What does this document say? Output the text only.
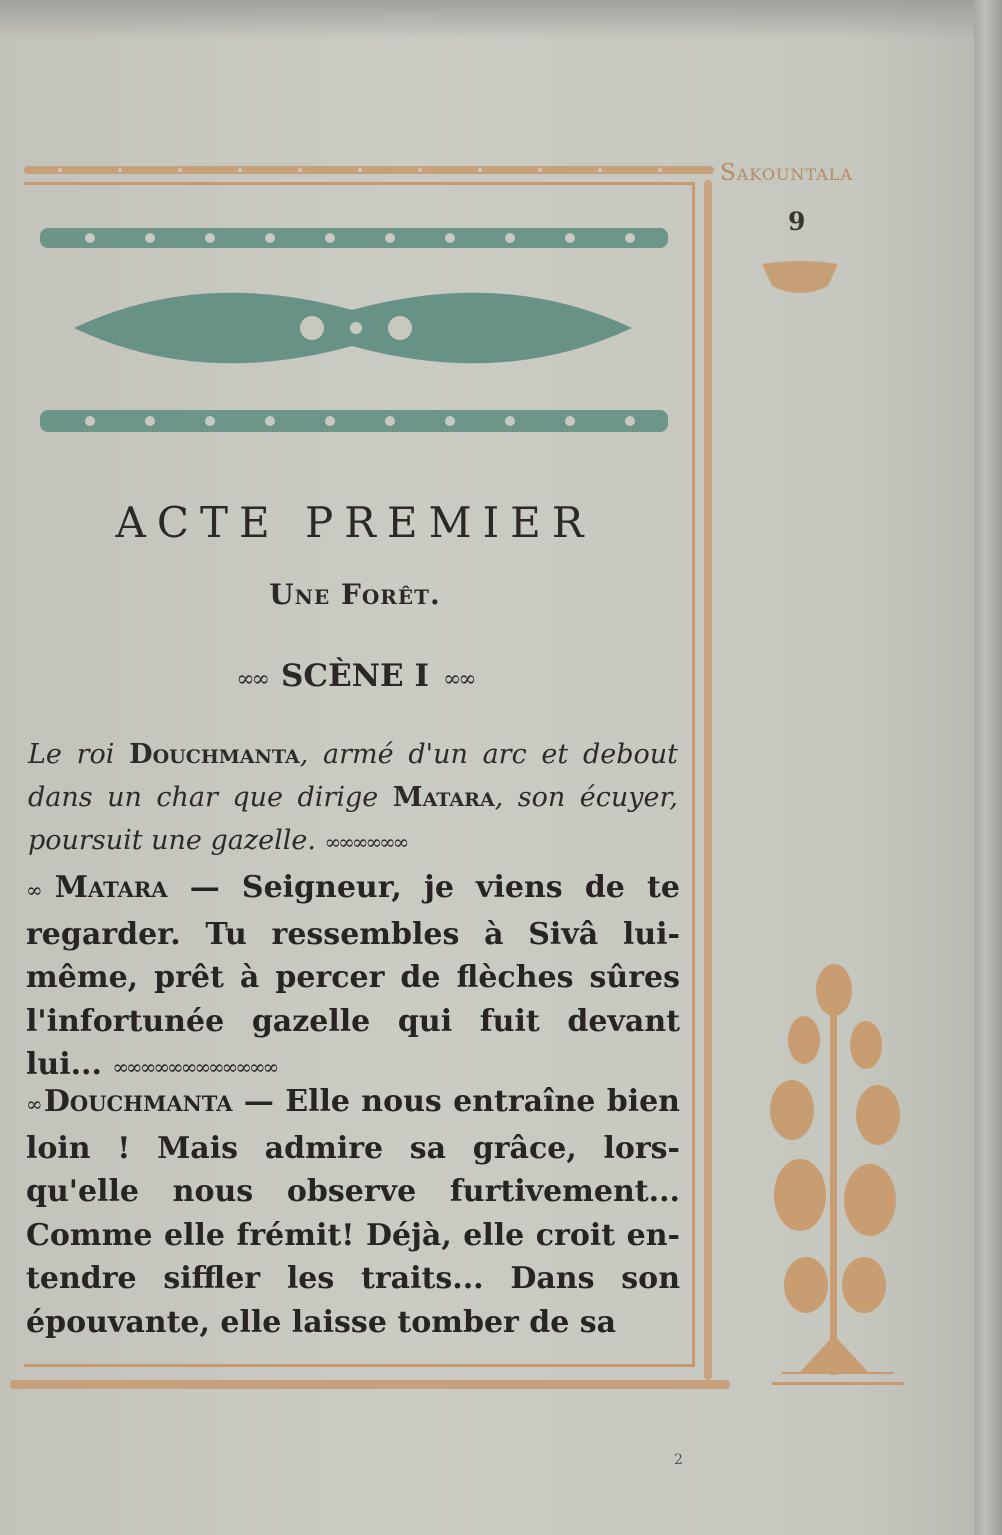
Sakountala
9
ACTE PREMIER
Une Forêt.
∞∞ SCÈNE I ∞∞
Le roi Douchmanta, armé d'un arc et debout dans un char que dirige Matara, son écuyer, poursuit une gazelle. ∞∞∞∞∞∞
∞ Matara — Seigneur, je viens de te regarder. Tu ressembles à Sivâ lui-même, prêt à percer de flèches sûres l'infortunée gazelle qui fuit devant lui... ∞∞∞∞∞∞∞∞∞∞∞∞
∞ Douchmanta — Elle nous entraîne bien loin ! Mais admire sa grâce, lors-qu'elle nous observe furtivement... Comme elle frémit! Déjà, elle croit en-tendre siffler les traits... Dans son épouvante, elle laisse tomber de sa
2
